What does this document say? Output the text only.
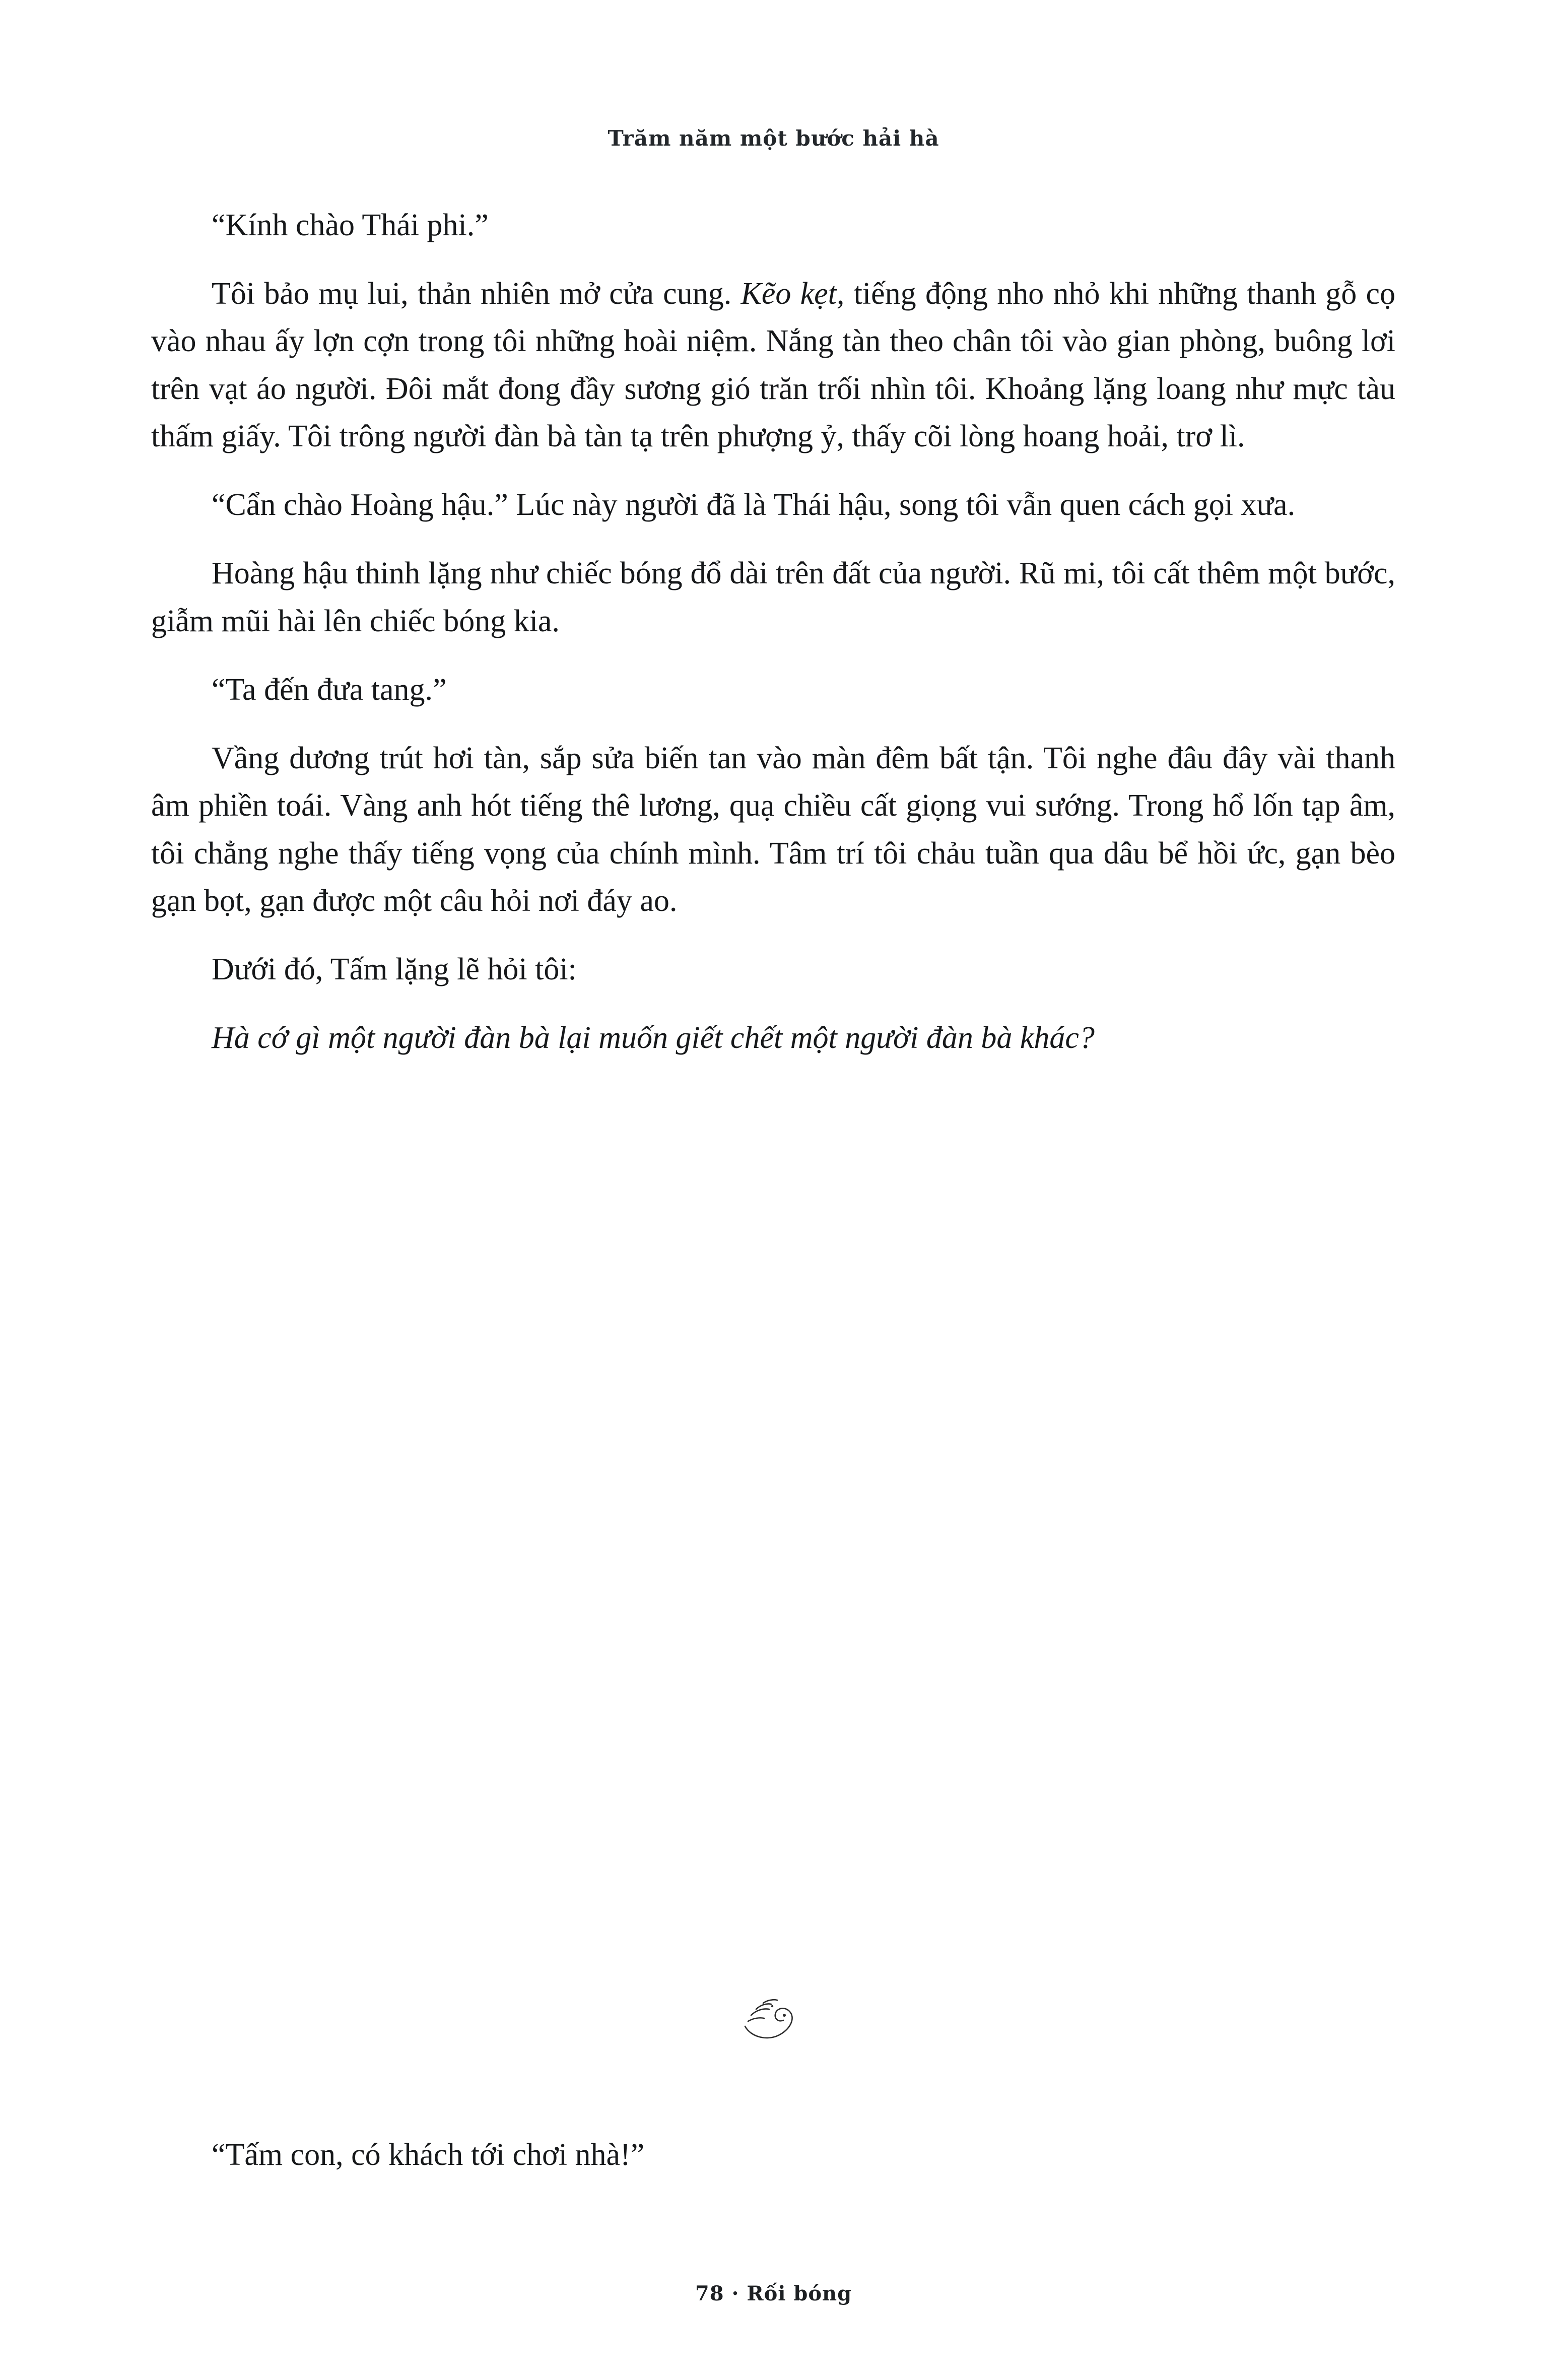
Trăm năm một bước hải hà

“Kính chào Thái phi.”

Tôi bảo mụ lui, thản nhiên mở cửa cung. Kẽo kẹt, tiếng động nho nhỏ khi những thanh gỗ cọ vào nhau ấy lợn cợn trong tôi những hoài niệm. Nắng tàn theo chân tôi vào gian phòng, buông lơi trên vạt áo người. Đôi mắt đong đầy sương gió trăn trối nhìn tôi. Khoảng lặng loang như mực tàu thấm giấy. Tôi trông người đàn bà tàn tạ trên phượng ỷ, thấy cõi lòng hoang hoải, trơ lì.

“Cẩn chào Hoàng hậu.” Lúc này người đã là Thái hậu, song tôi vẫn quen cách gọi xưa.

Hoàng hậu thinh lặng như chiếc bóng đổ dài trên đất của người. Rũ mi, tôi cất thêm một bước, giẫm mũi hài lên chiếc bóng kia.

“Ta đến đưa tang.”

Vầng dương trút hơi tàn, sắp sửa biến tan vào màn đêm bất tận. Tôi nghe đâu đây vài thanh âm phiền toái. Vàng anh hót tiếng thê lương, quạ chiều cất giọng vui sướng. Trong hổ lốn tạp âm, tôi chẳng nghe thấy tiếng vọng của chính mình. Tâm trí tôi chảu tuần qua dâu bể hồi ức, gạn bèo gạn bọt, gạn được một câu hỏi nơi đáy ao.

Dưới đó, Tấm lặng lẽ hỏi tôi:

Hà cớ gì một người đàn bà lại muốn giết chết một người đàn bà khác?

“Tấm con, có khách tới chơi nhà!”

78 · Rối bóng
